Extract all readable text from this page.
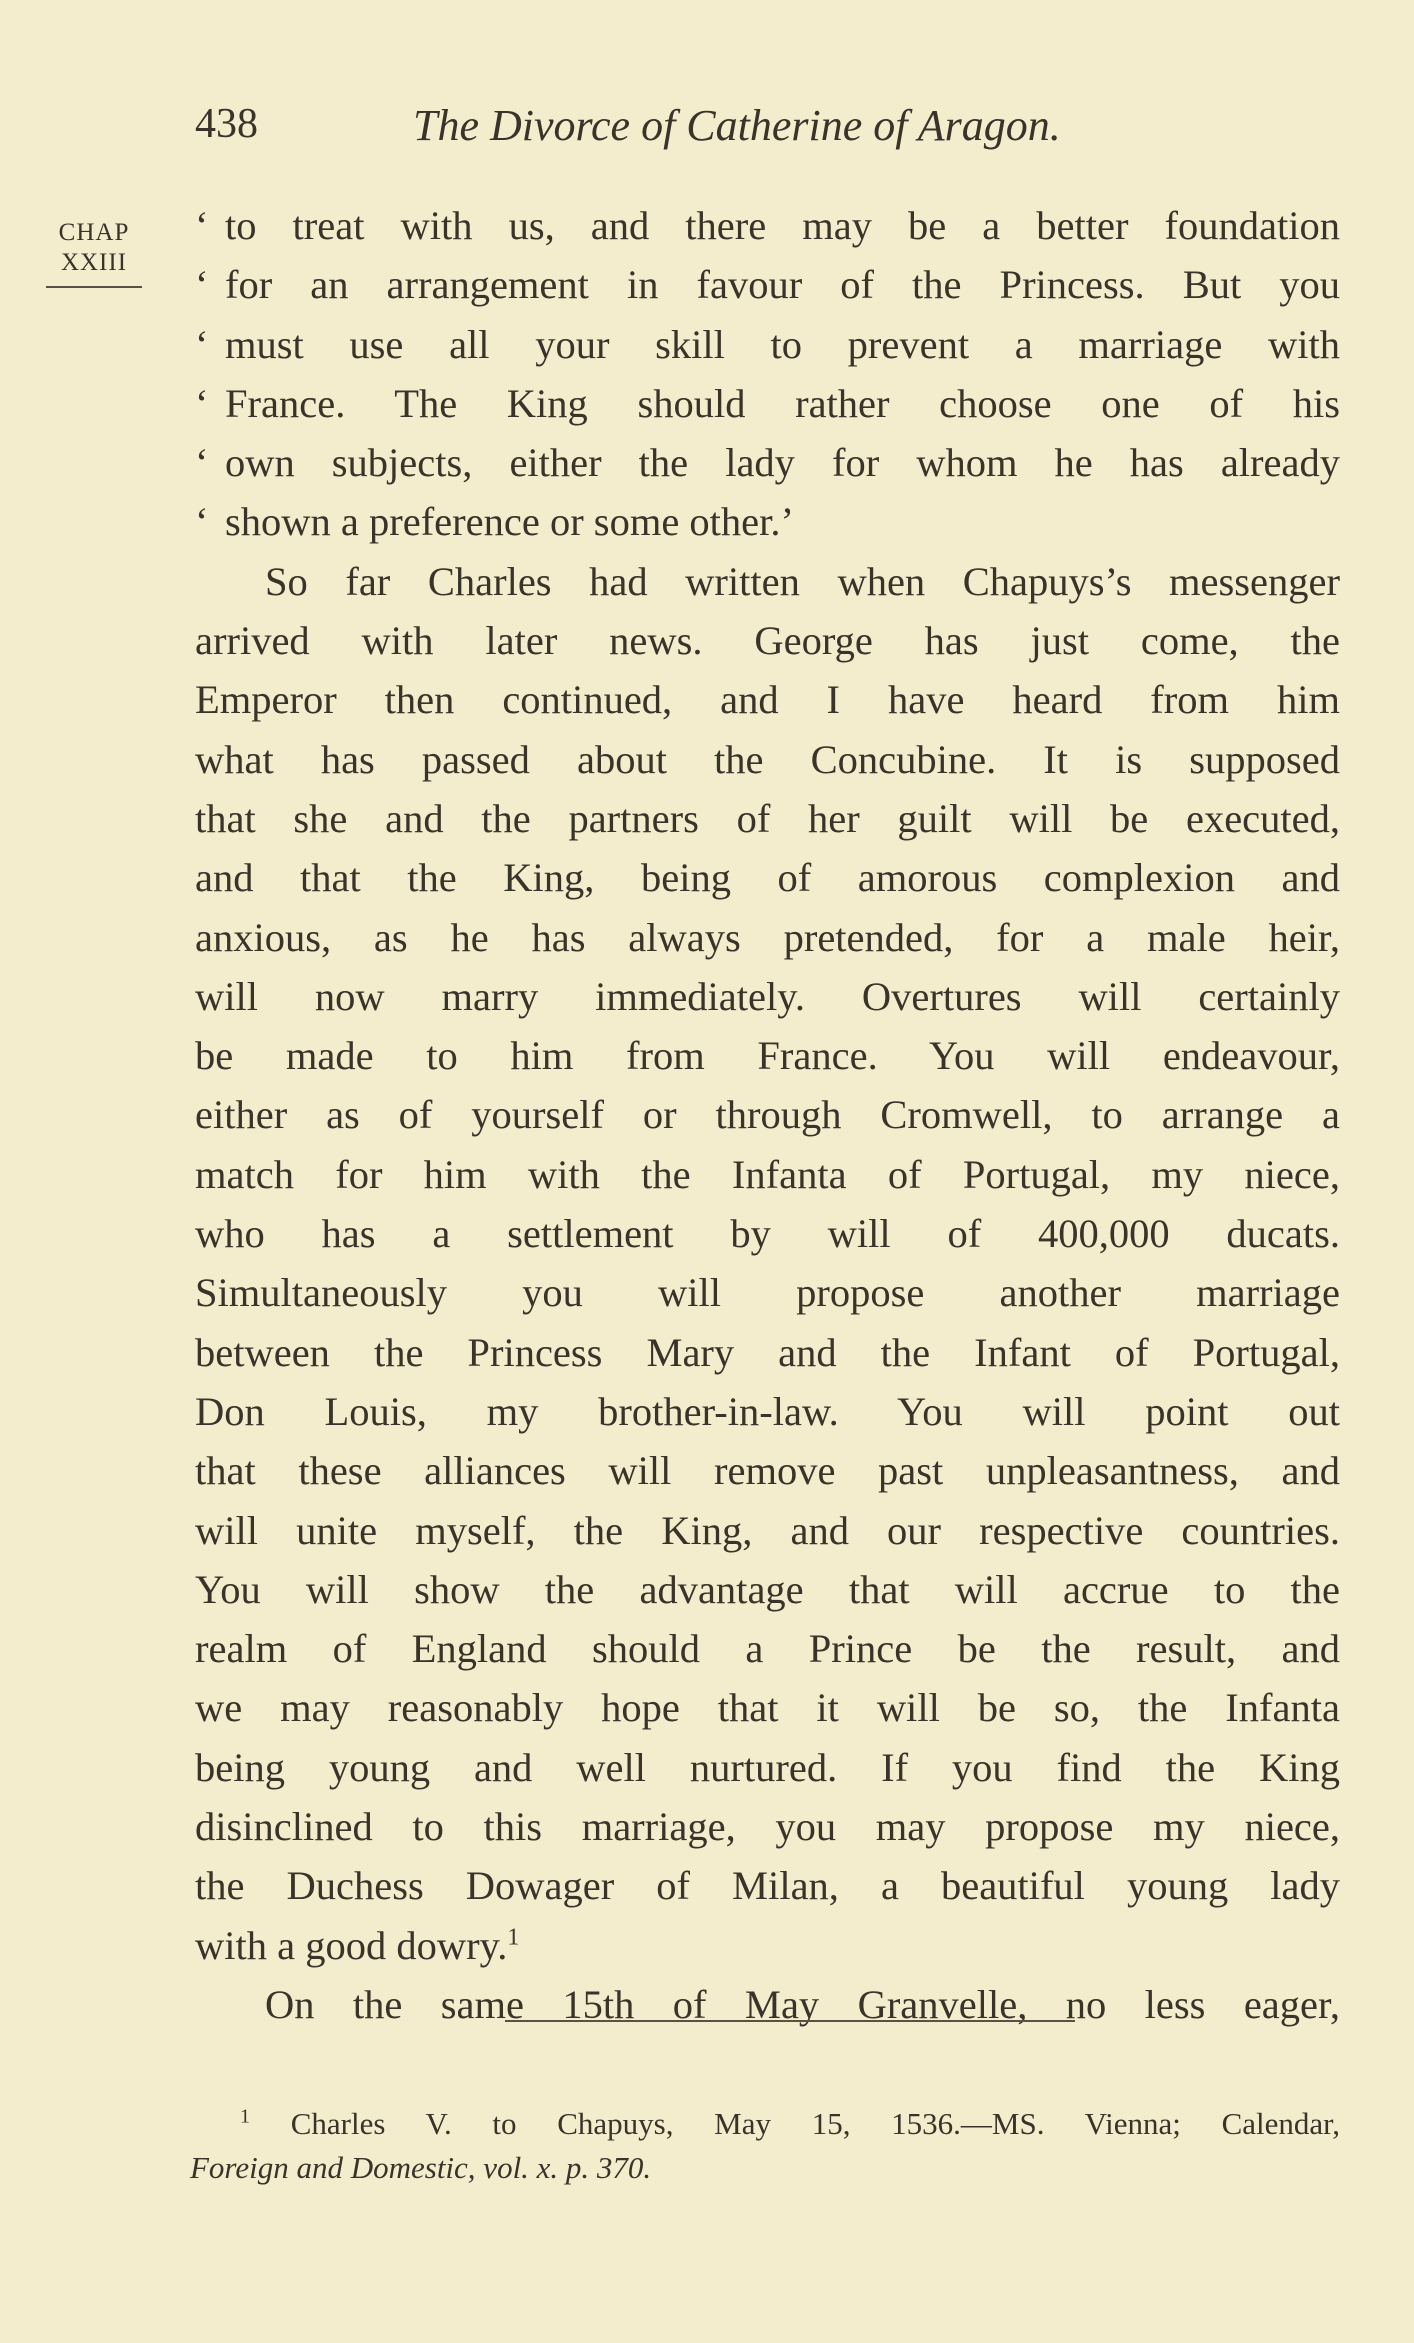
438	The Divorce of Catherine of Aragon.
CHAP
XXIII
‘ to treat with us, and there may be a better foundation
‘ for an arrangement in favour of the Princess. But you
‘ must use all your skill to prevent a marriage with
‘ France. The King should rather choose one of his
‘ own subjects, either the lady for whom he has already
‘ shown a preference or some other.’
So far Charles had written when Chapuys’s messenger
arrived with later news. George has just come, the
Emperor then continued, and I have heard from him
what has passed about the Concubine. It is supposed
that she and the partners of her guilt will be executed,
and that the King, being of amorous complexion and
anxious, as he has always pretended, for a male heir,
will now marry immediately. Overtures will certainly
be made to him from France. You will endeavour,
either as of yourself or through Cromwell, to arrange a
match for him with the Infanta of Portugal, my niece,
who has a settlement by will of 400,000 ducats.
Simultaneously you will propose another marriage
between the Princess Mary and the Infant of Portugal,
Don Louis, my brother-in-law. You will point out
that these alliances will remove past unpleasantness, and
will unite myself, the King, and our respective countries.
You will show the advantage that will accrue to the
realm of England should a Prince be the result, and
we may reasonably hope that it will be so, the Infanta
being young and well nurtured. If you find the King
disinclined to this marriage, you may propose my niece,
the Duchess Dowager of Milan, a beautiful young lady
with a good dowry.$^1$
On the same 15th of May Granvelle, no less eager,
$^1$ Charles V. to Chapuys, May 15, 1536.—MS. Vienna; Calendar,
Foreign and Domestic, vol. x. p. 370.
